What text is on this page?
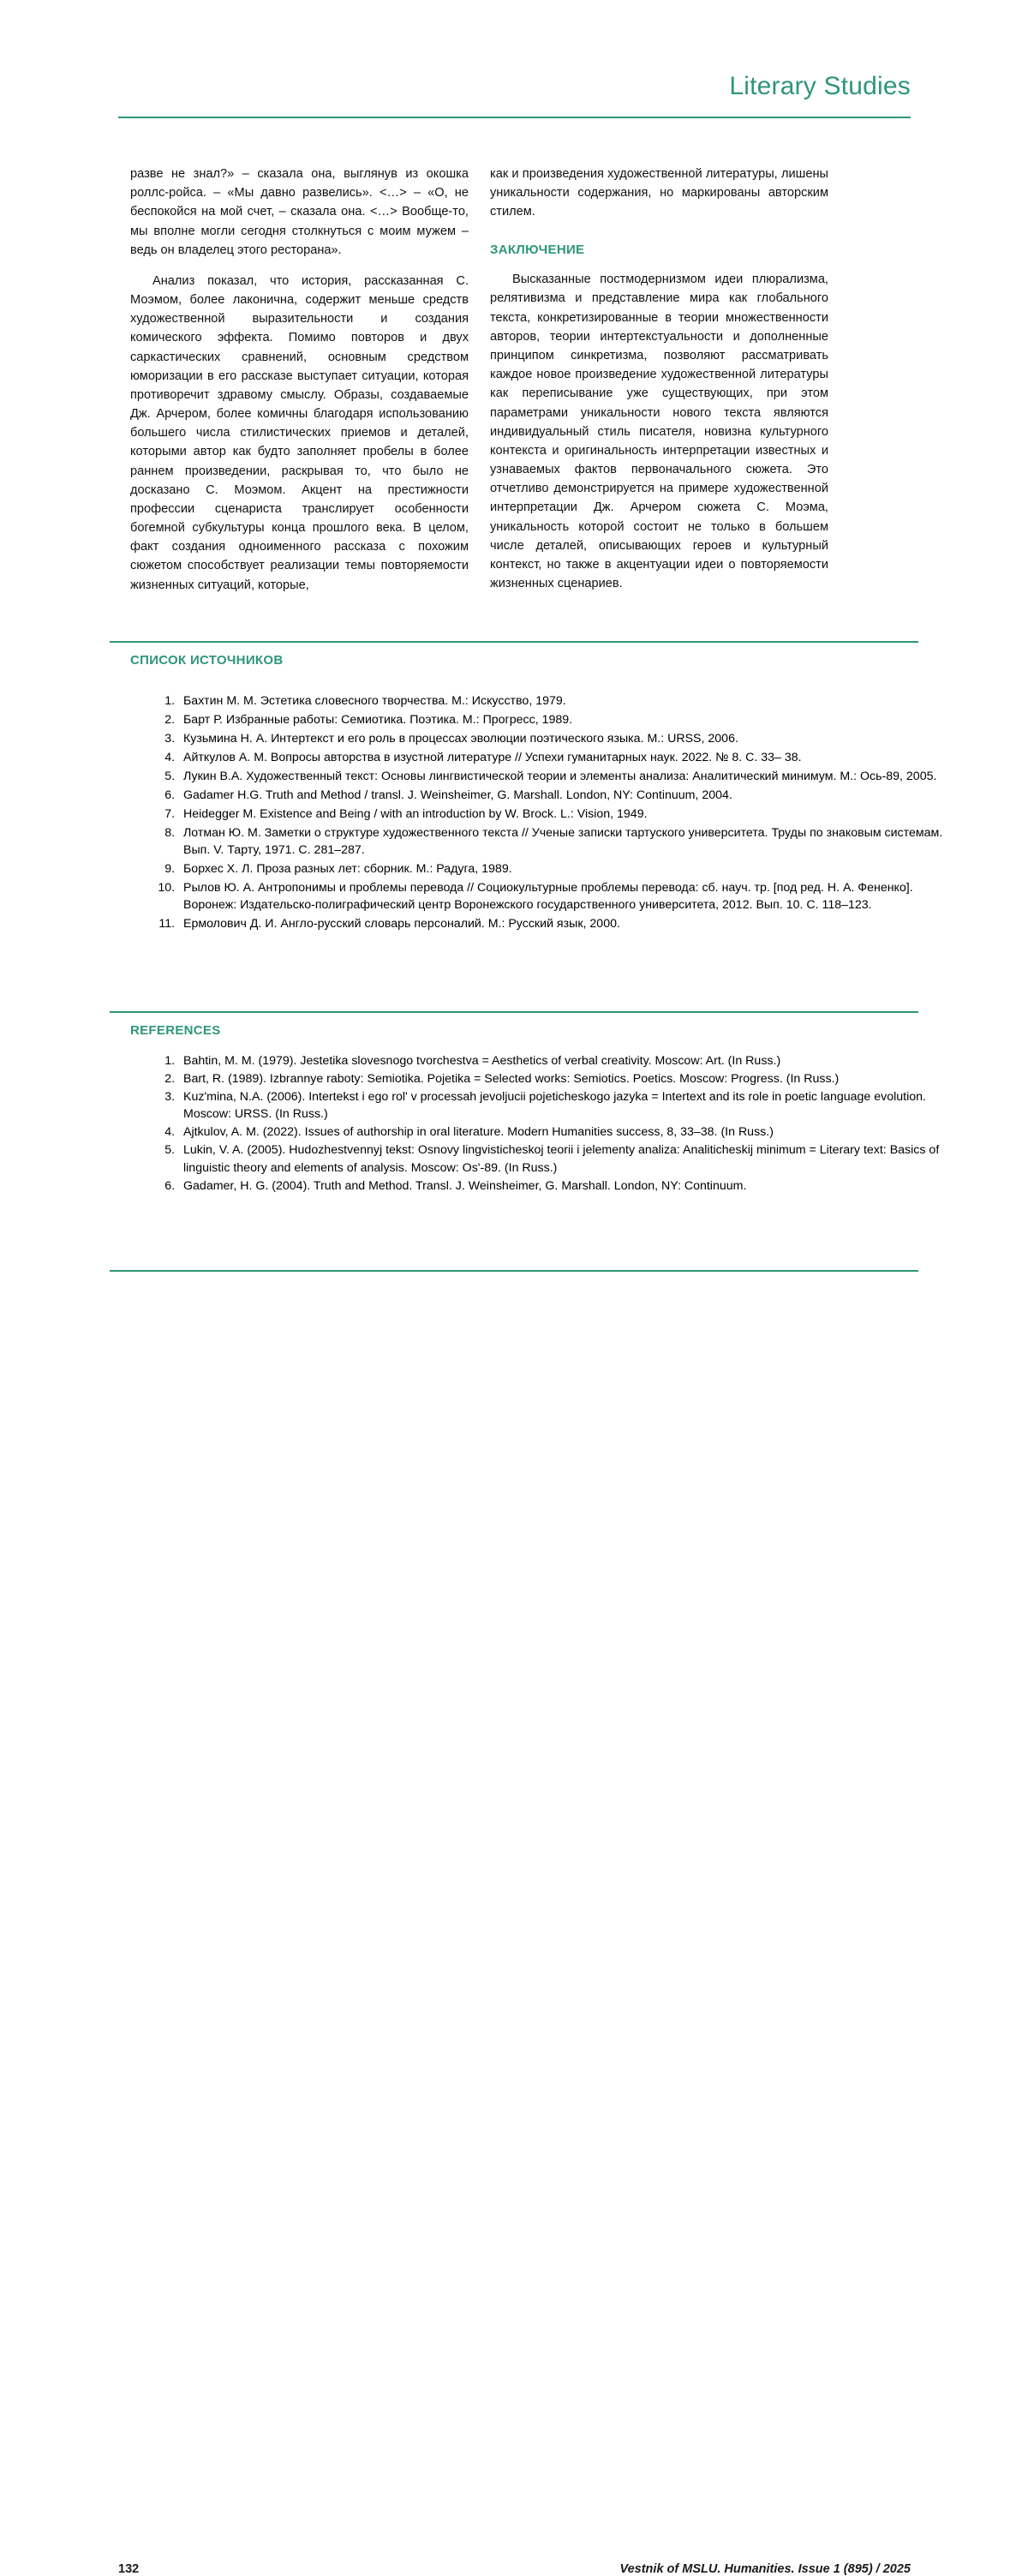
Literary Studies

разве не знал?» – сказала она, выглянув из окошка роллс-ройса. – «Мы давно развелись». <…> – «О, не беспокойся на мой счет, – сказала она. <…> Вообще-то, мы вполне могли сегодня столкнуться с моим мужем – ведь он владелец этого ресторана».

Анализ показал, что история, рассказанная С. Моэмом, более лаконична, содержит меньше средств художественной выразительности и создания комического эффекта. Помимо повторов и двух саркастических сравнений, основным средством юморизации в его рассказе выступает ситуации, которая противоречит здравому смыслу. Образы, создаваемые Дж. Арчером, более комичны благодаря использованию большего числа стилистических приемов и деталей, которыми автор как будто заполняет пробелы в более раннем произведении, раскрывая то, что было не досказано С. Моэмом. Акцент на престижности профессии сценариста транслирует особенности богемной субкультуры конца прошлого века. В целом, факт создания одноименного рассказа с похожим сюжетом способствует реализации темы повторяемости жизненных ситуаций, которые,

как и произведения художественной литературы, лишены уникальности содержания, но маркированы авторским стилем.

ЗАКЛЮЧЕНИЕ

Высказанные постмодернизмом идеи плюрализма, релятивизма и представление мира как глобального текста, конкретизированные в теории множественности авторов, теории интертекстуальности и дополненные принципом синкретизма, позволяют рассматривать каждое новое произведение художественной литературы как переписывание уже существующих, при этом параметрами уникальности нового текста являются индивидуальный стиль писателя, новизна культурного контекста и оригинальность интерпретации известных и узнаваемых фактов первоначального сюжета. Это отчетливо демонстрируется на примере художественной интерпретации Дж. Арчером сюжета С. Моэма, уникальность которой состоит не только в большем числе деталей, описывающих героев и культурный контекст, но также в акцентуации идеи о повторяемости жизненных сценариев.

СПИСОК ИСТОЧНИКОВ
1. Бахтин М. М. Эстетика словесного творчества. М.: Искусство, 1979.
2. Барт Р. Избранные работы: Семиотика. Поэтика. М.: Прогресс, 1989.
3. Кузьмина Н. А. Интертекст и его роль в процессах эволюции поэтического языка. М.: URSS, 2006.
4. Айткулов А. М. Вопросы авторства в изустной литературе // Успехи гуманитарных наук. 2022. № 8. С. 33– 38.
5. Лукин В.А. Художественный текст: Основы лингвистической теории и элементы анализа: Аналитический минимум. М.: Ось-89, 2005.
6. Gadamer H.G. Truth and Method / transl. J. Weinsheimer, G. Marshall. London, NY: Continuum, 2004.
7. Heidegger M. Existence and Being / with an introduction by W. Brock. L.: Vision, 1949.
8. Лотман Ю. М. Заметки о структуре художественного текста // Ученые записки тартуского университета. Труды по знаковым системам. Вып. V. Тарту, 1971. С. 281–287.
9. Борхес Х. Л. Проза разных лет: сборник. М.: Радуга, 1989.
10. Рылов Ю. А. Антропонимы и проблемы перевода // Социокультурные проблемы перевода: сб. науч. тр. [под ред. Н. А. Фененко]. Воронеж: Издательско-полиграфический центр Воронежского государственного университета, 2012. Вып. 10. С. 118–123.
11. Ермолович Д. И. Англо-русский словарь персоналий. М.: Русский язык, 2000.
REFERENCES
1. Bahtin, M. M. (1979). Jestetika slovesnogo tvorchestva = Aesthetics of verbal creativity. Moscow: Art. (In Russ.)
2. Bart, R. (1989). Izbrannye raboty: Semiotika. Pojetika = Selected works: Semiotics. Poetics. Moscow: Progress. (In Russ.)
3. Kuz'mina, N.A. (2006). Intertekst i ego rol' v processah jevoljucii pojeticheskogo jazyka = Intertext and its role in poetic language evolution. Moscow: URSS. (In Russ.)
4. Ajtkulov, A. M. (2022). Issues of authorship in oral literature. Modern Humanities success, 8, 33–38. (In Russ.)
5. Lukin, V. A. (2005). Hudozhestvennyj tekst: Osnovy lingvisticheskoj teorii i jelementy analiza: Analiticheskij minimum = Literary text: Basics of linguistic theory and elements of analysis. Moscow: Os'-89. (In Russ.)
6. Gadamer, H. G. (2004). Truth and Method. Transl. J. Weinsheimer, G. Marshall. London, NY: Continuum.
132	Vestnik of MSLU. Humanities. Issue 1 (895) / 2025
